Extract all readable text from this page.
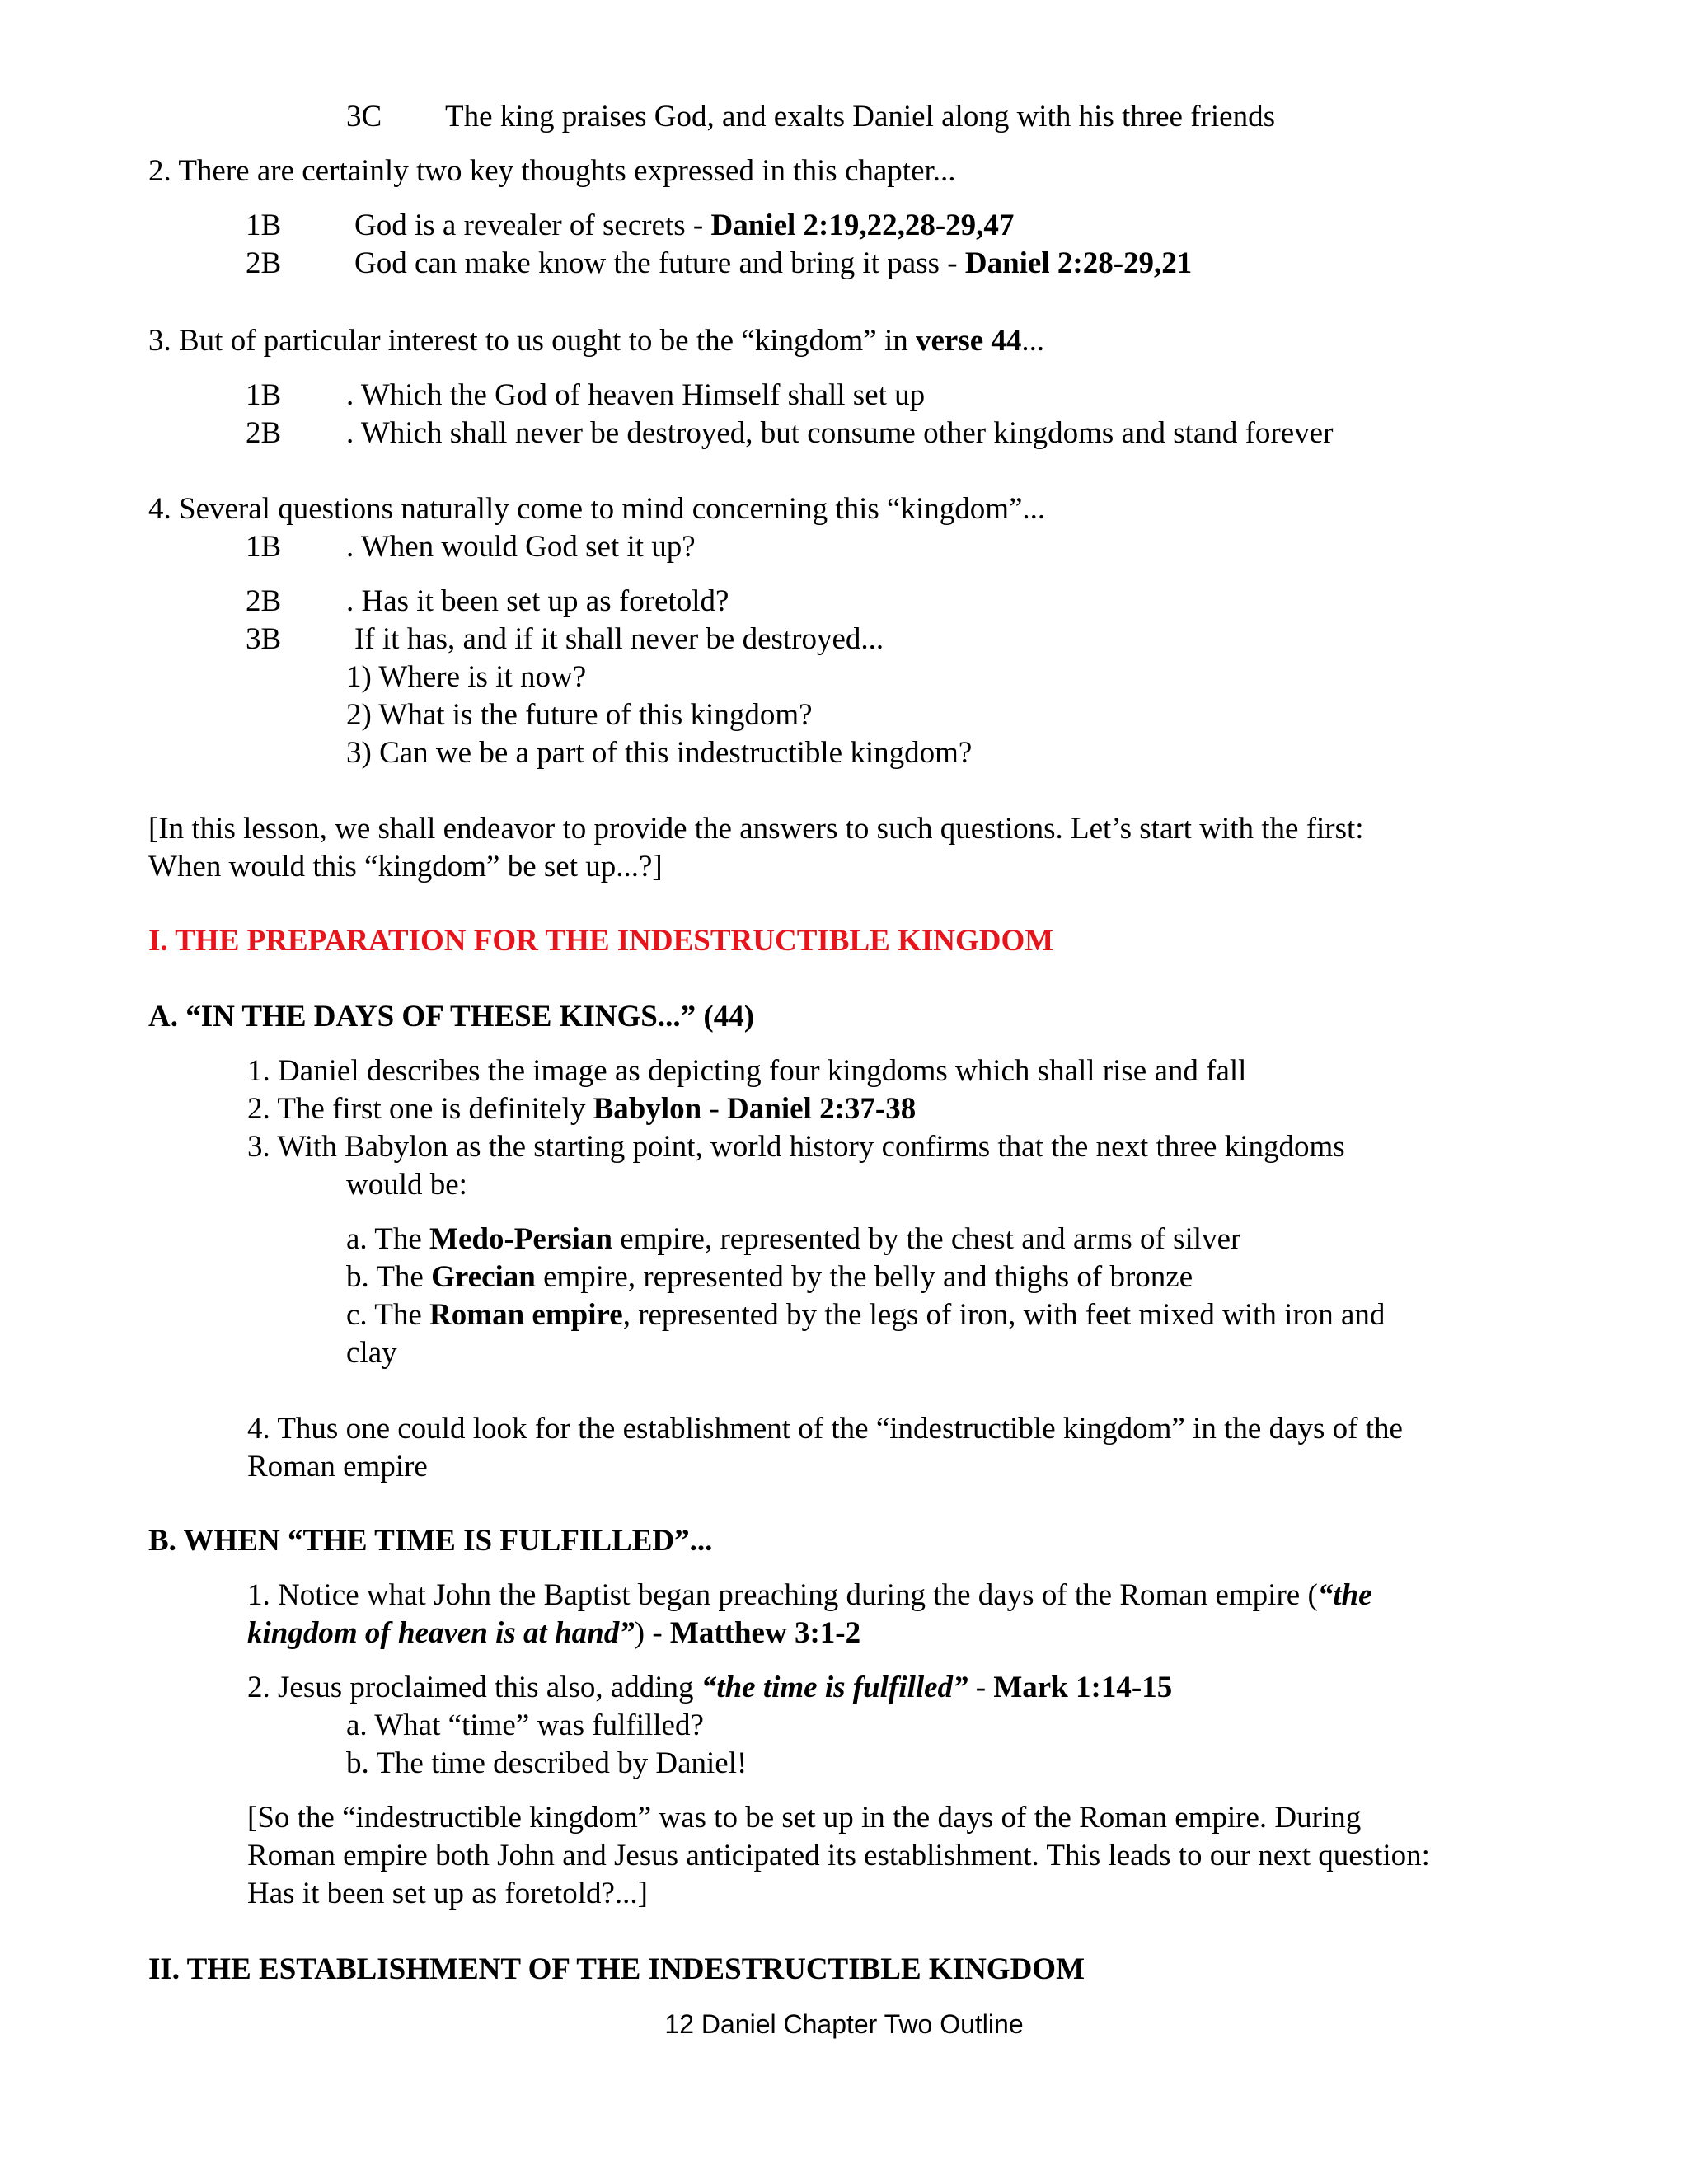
3C The king praises God, and exalts Daniel along with his three friends
2. There are certainly two key thoughts expressed in this chapter...
1B God is a revealer of secrets - Daniel 2:19,22,28-29,47
2B God can make know the future and bring it pass - Daniel 2:28-29,21
3. But of particular interest to us ought to be the “kingdom” in verse 44...
1B . Which the God of heaven Himself shall set up
2B . Which shall never be destroyed, but consume other kingdoms and stand forever
4. Several questions naturally come to mind concerning this “kingdom”...
1B . When would God set it up?
2B . Has it been set up as foretold?
3B If it has, and if it shall never be destroyed...
1) Where is it now?
2) What is the future of this kingdom?
3) Can we be a part of this indestructible kingdom?
[In this lesson, we shall endeavor to provide the answers to such questions. Let’s start with the first:
When would this “kingdom” be set up...?]
I. THE PREPARATION FOR THE INDESTRUCTIBLE KINGDOM
A. “IN THE DAYS OF THESE KINGS...” (44)
1. Daniel describes the image as depicting four kingdoms which shall rise and fall
2. The first one is definitely Babylon - Daniel 2:37-38
3. With Babylon as the starting point, world history confirms that the next three kingdoms
would be:
a. The Medo-Persian empire, represented by the chest and arms of silver
b. The Grecian empire, represented by the belly and thighs of bronze
c. The Roman empire, represented by the legs of iron, with feet mixed with iron and
clay
4. Thus one could look for the establishment of the “indestructible kingdom” in the days of the
Roman empire
B. WHEN “THE TIME IS FULFILLED”...
1. Notice what John the Baptist began preaching during the days of the Roman empire (“the
kingdom of heaven is at hand”) - Matthew 3:1-2
2. Jesus proclaimed this also, adding “the time is fulfilled” - Mark 1:14-15
a. What “time” was fulfilled?
b. The time described by Daniel!
[So the “indestructible kingdom” was to be set up in the days of the Roman empire. During
Roman empire both John and Jesus anticipated its establishment. This leads to our next question:
Has it been set up as foretold?...]
II. THE ESTABLISHMENT OF THE INDESTRUCTIBLE KINGDOM
12 Daniel Chapter Two Outline
